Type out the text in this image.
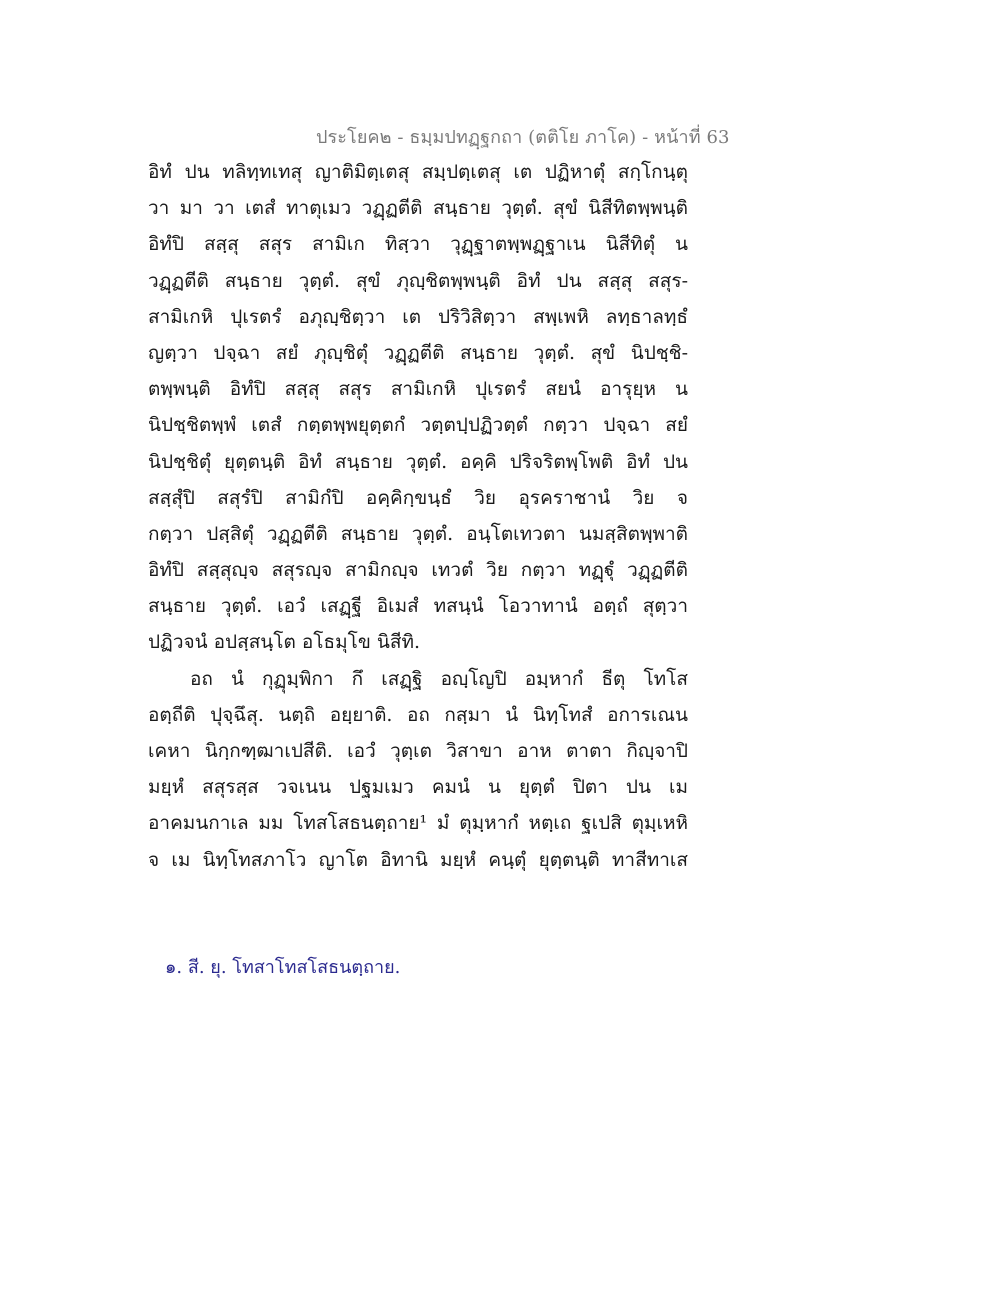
ประโยค๒ - ธมฺมปทฏฺฐกถา (ตติโย ภาโค) - หน้าที่ 63
อิทํ ปน ทลิทฺทเทสุ ญาติมิตฺเตสุ สมฺปตฺเตสุ เต ปฏิหาตุํ สกฺโกนฺตุ
วา มา วา เตสํ ทาตุเมว วฏฺฏตีติ สนฺธาย วุตฺตํ. สุขํ นิสีทิตพฺพนฺติ
อิทํปิ สสฺสุ สสุร สามิเก ทิสฺวา วุฏฺฐาตพฺพฏฺฐาเน นิสีทิตุํ น
วฏฺฏตีติ สนฺธาย วุตฺตํ. สุขํ ภุญฺชิตพฺพนฺติ อิทํ ปน สสฺสุ สสุร-
สามิเกหิ ปุเรตรํ อภุญฺชิตฺวา เต ปริวิสิตฺวา สพฺเพหิ ลทฺธาลทฺธํ
ญตฺวา ปจฺฉา สยํ ภุญฺชิตุํ วฏฺฏตีติ สนฺธาย วุตฺตํ. สุขํ นิปชฺชิ-
ตพฺพนฺติ อิทํปิ สสฺสุ สสุร สามิเกหิ ปุเรตรํ สยนํ อารุยฺห น
นิปชฺชิตพฺพํ เตสํ กตฺตพฺพยุตฺตกํ วตฺตปฺปฏิวตฺตํ กตฺวา ปจฺฉา สยํ
นิปชฺชิตุํ ยุตฺตนฺติ อิทํ สนฺธาย วุตฺตํ. อคฺคิ ปริจริตพฺโพติ อิทํ ปน
สสฺสุํปิ สสุรํปิ สามิกํปิ อคฺคิกฺขนฺธํ วิย อุรคราชานํ วิย จ
กตฺวา ปสฺสิตุํ วฏฺฏตีติ สนฺธาย วุตฺตํ. อนฺโตเทวตา นมสฺสิตพฺพาติ
อิทํปิ สสฺสุญฺจ สสุรญฺจ สามิกญฺจ เทวตํ วิย กตฺวา ทฏฺฐุํ วฏฺฏตีติ
สนฺธาย วุตฺตํ. เอวํ เสฏฺฐี อิเมสํ ทสนฺนํ โอวาทานํ อตฺถํ สุตฺวา
ปฏิวจนํ อปสฺสนฺโต อโธมุโข นิสีทิ.
อถ นํ กุฏุมฺพิกา กึ เสฏฺฐิ อญฺโญปิ อมฺหากํ ธีตุ โทโส
อตฺถีติ ปุจฺฉึสุ. นตฺถิ อยฺยาติ. อถ กสฺมา นํ นิทฺโทสํ อการเณน
เคหา นิกฺกฑฺฒาเปสีติ. เอวํ วุตฺเต วิสาขา อาห ตาตา กิญฺจาปิ
มยฺหํ สสุรสฺส วจเนน ปฐมเมว คมนํ น ยุตฺตํ ปิตา ปน เม
อาคมนกาเล มม โทสโสธนตฺถาย¹ มํ ตุมฺหากํ หตฺเถ ฐเปสิ ตุมฺเหหิ
จ เม นิทฺโทสภาโว ญาโต อิทานิ มยฺหํ คนฺตุํ ยุตฺตนฺติ ทาสีทาเส
๑. สี. ยุ. โทสาโทสโสธนตฺถาย.
